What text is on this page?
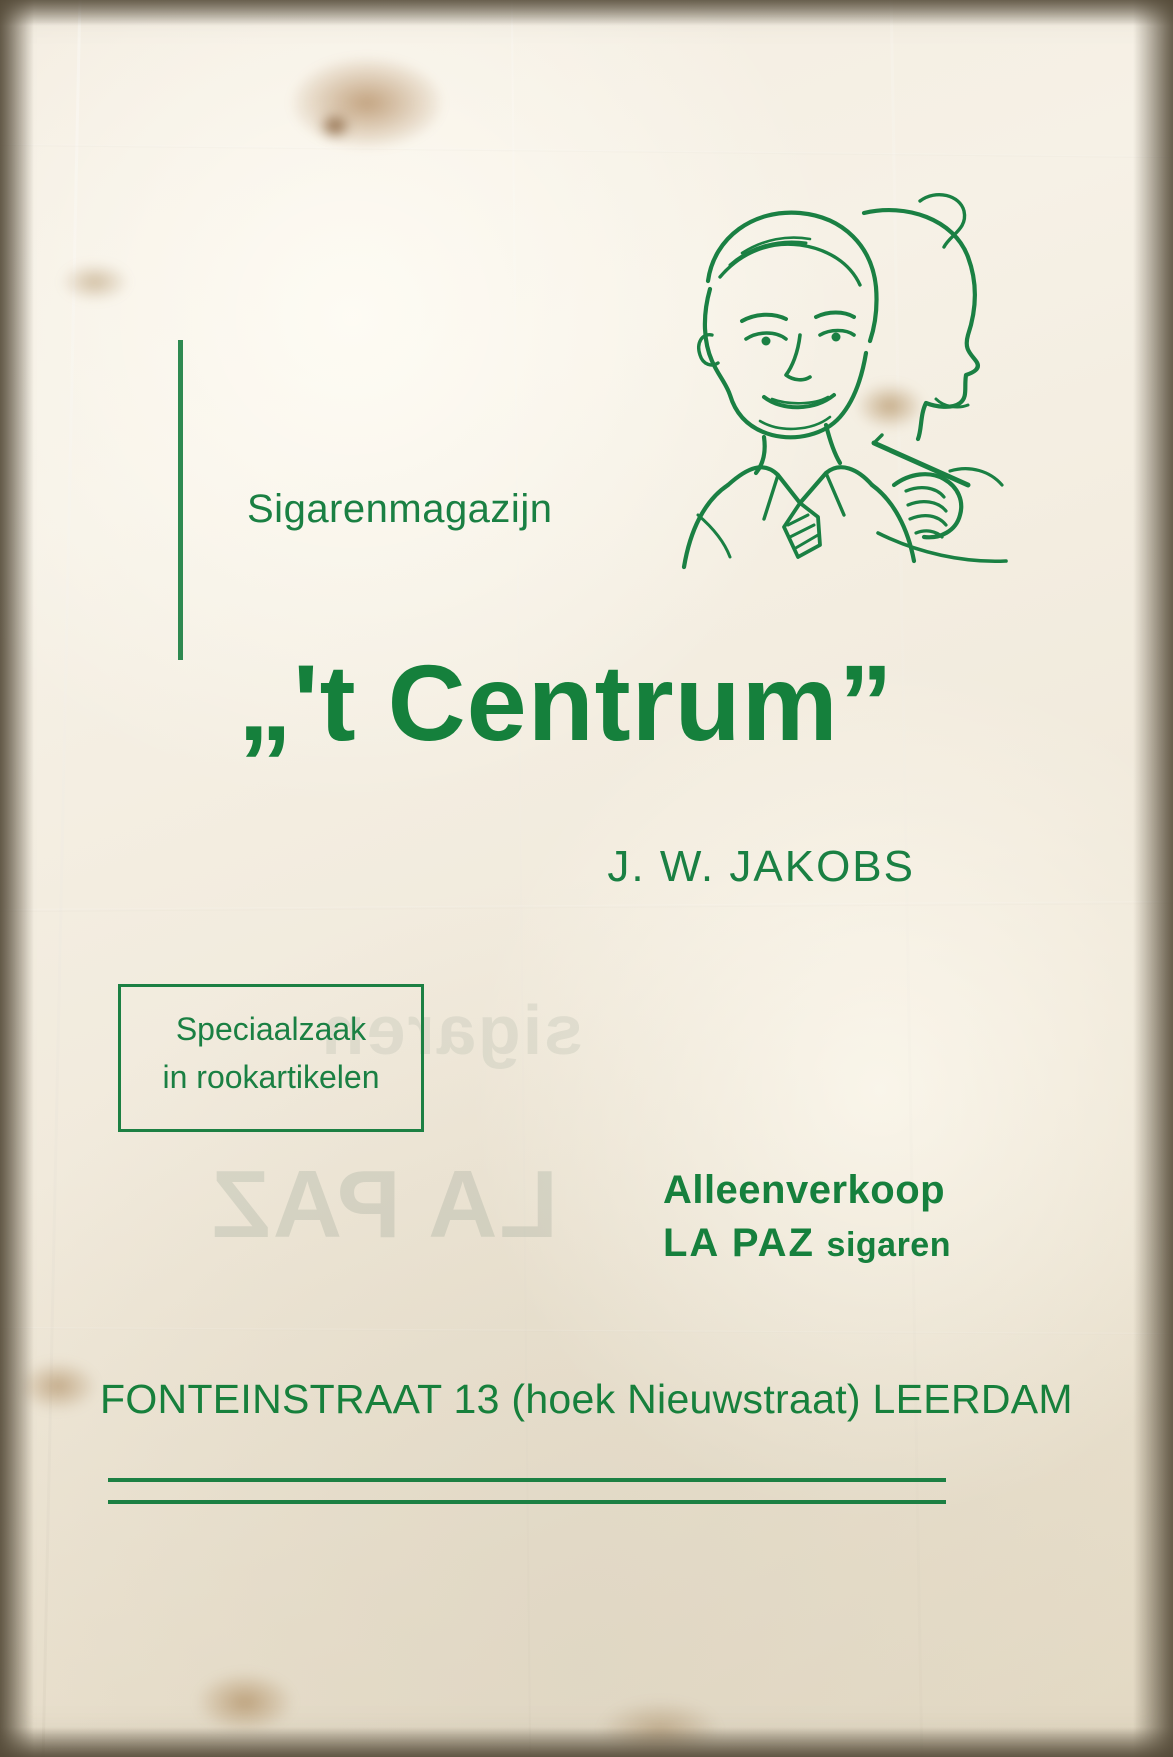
LA PAZ
sigaren
Sigarenmagazijn
„'t Centrum”
J. W. JAKOBS
Speciaalzaak
in rookartikelen
Alleenverkoop
LA PAZ sigaren
FONTEINSTRAAT 13 (hoek Nieuwstraat) LEERDAM
